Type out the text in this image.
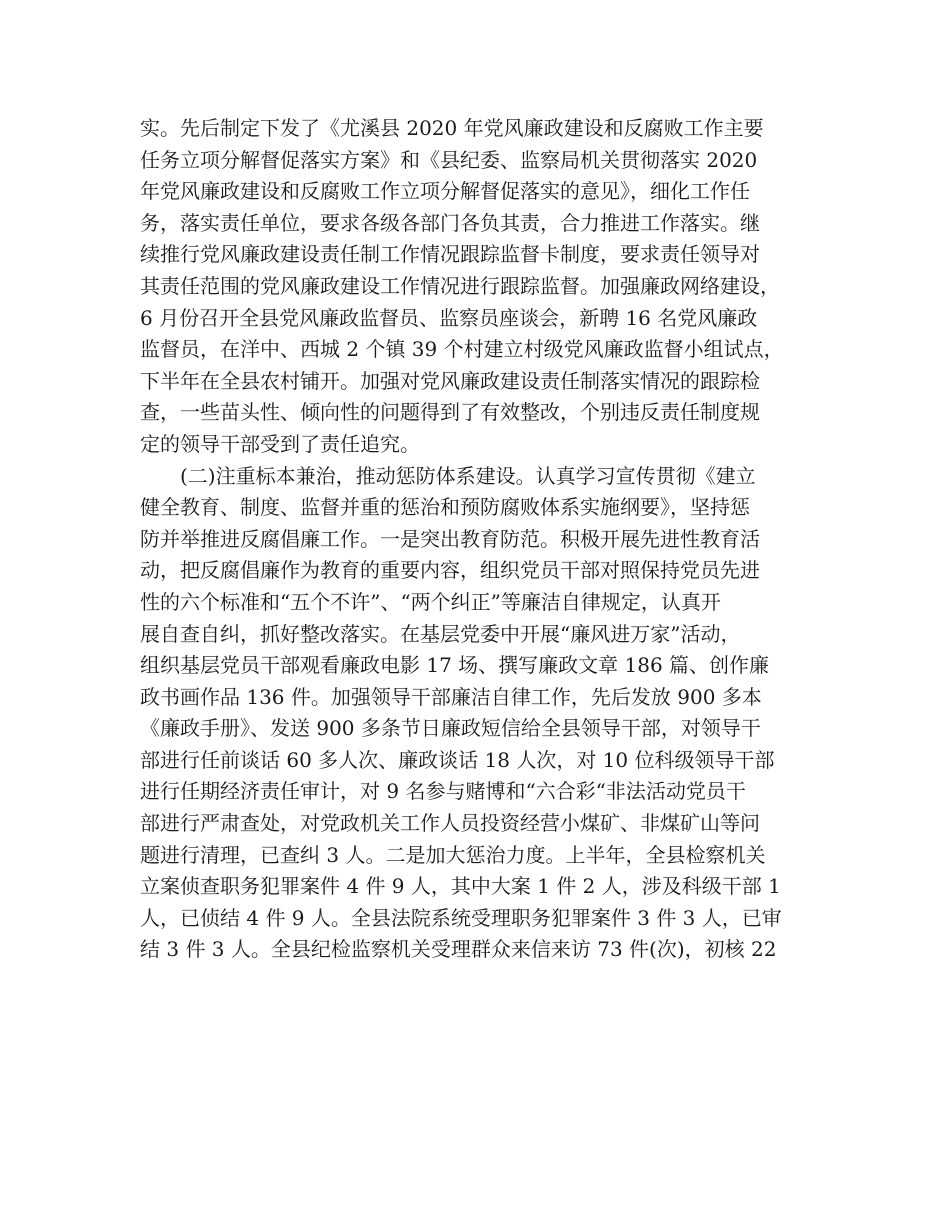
实。先后制定下发了《尤溪县 2020 年党风廉政建设和反腐败工作主要
任务立项分解督促落实方案》和《县纪委、监察局机关贯彻落实 2020
年党风廉政建设和反腐败工作立项分解督促落实的意见》，细化工作任
务，落实责任单位，要求各级各部门各负其责，合力推进工作落实。继
续推行党风廉政建设责任制工作情况跟踪监督卡制度，要求责任领导对
其责任范围的党风廉政建设工作情况进行跟踪监督。加强廉政网络建设，
6 月份召开全县党风廉政监督员、监察员座谈会，新聘 16 名党风廉政
监督员，在洋中、西城 2 个镇 39 个村建立村级党风廉政监督小组试点，
下半年在全县农村铺开。加强对党风廉政建设责任制落实情况的跟踪检
查，一些苗头性、倾向性的问题得到了有效整改，个别违反责任制度规
定的领导干部受到了责任追究。
(二)注重标本兼治，推动惩防体系建设。认真学习宣传贯彻《建立
健全教育、制度、监督并重的惩治和预防腐败体系实施纲要》，坚持惩
防并举推进反腐倡廉工作。一是突出教育防范。积极开展先进性教育活
动，把反腐倡廉作为教育的重要内容，组织党员干部对照保持党员先进
性的六个标准和“五个不许”、“两个纠正”等廉洁自律规定，认真开
展自查自纠，抓好整改落实。在基层党委中开展“廉风进万家”活动，
组织基层党员干部观看廉政电影 17 场、撰写廉政文章 186 篇、创作廉
政书画作品 136 件。加强领导干部廉洁自律工作，先后发放 900 多本
《廉政手册》、发送 900 多条节日廉政短信给全县领导干部，对领导干
部进行任前谈话 60 多人次、廉政谈话 18 人次，对 10 位科级领导干部
进行任期经济责任审计，对 9 名参与赌博和“六合彩“非法活动党员干
部进行严肃查处，对党政机关工作人员投资经营小煤矿、非煤矿山等问
题进行清理，已查纠 3 人。二是加大惩治力度。上半年，全县检察机关
立案侦查职务犯罪案件 4 件 9 人，其中大案 1 件 2 人，涉及科级干部 1
人，已侦结 4 件 9 人。全县法院系统受理职务犯罪案件 3 件 3 人，已审
结 3 件 3 人。全县纪检监察机关受理群众来信来访 73 件(次)，初核 22
